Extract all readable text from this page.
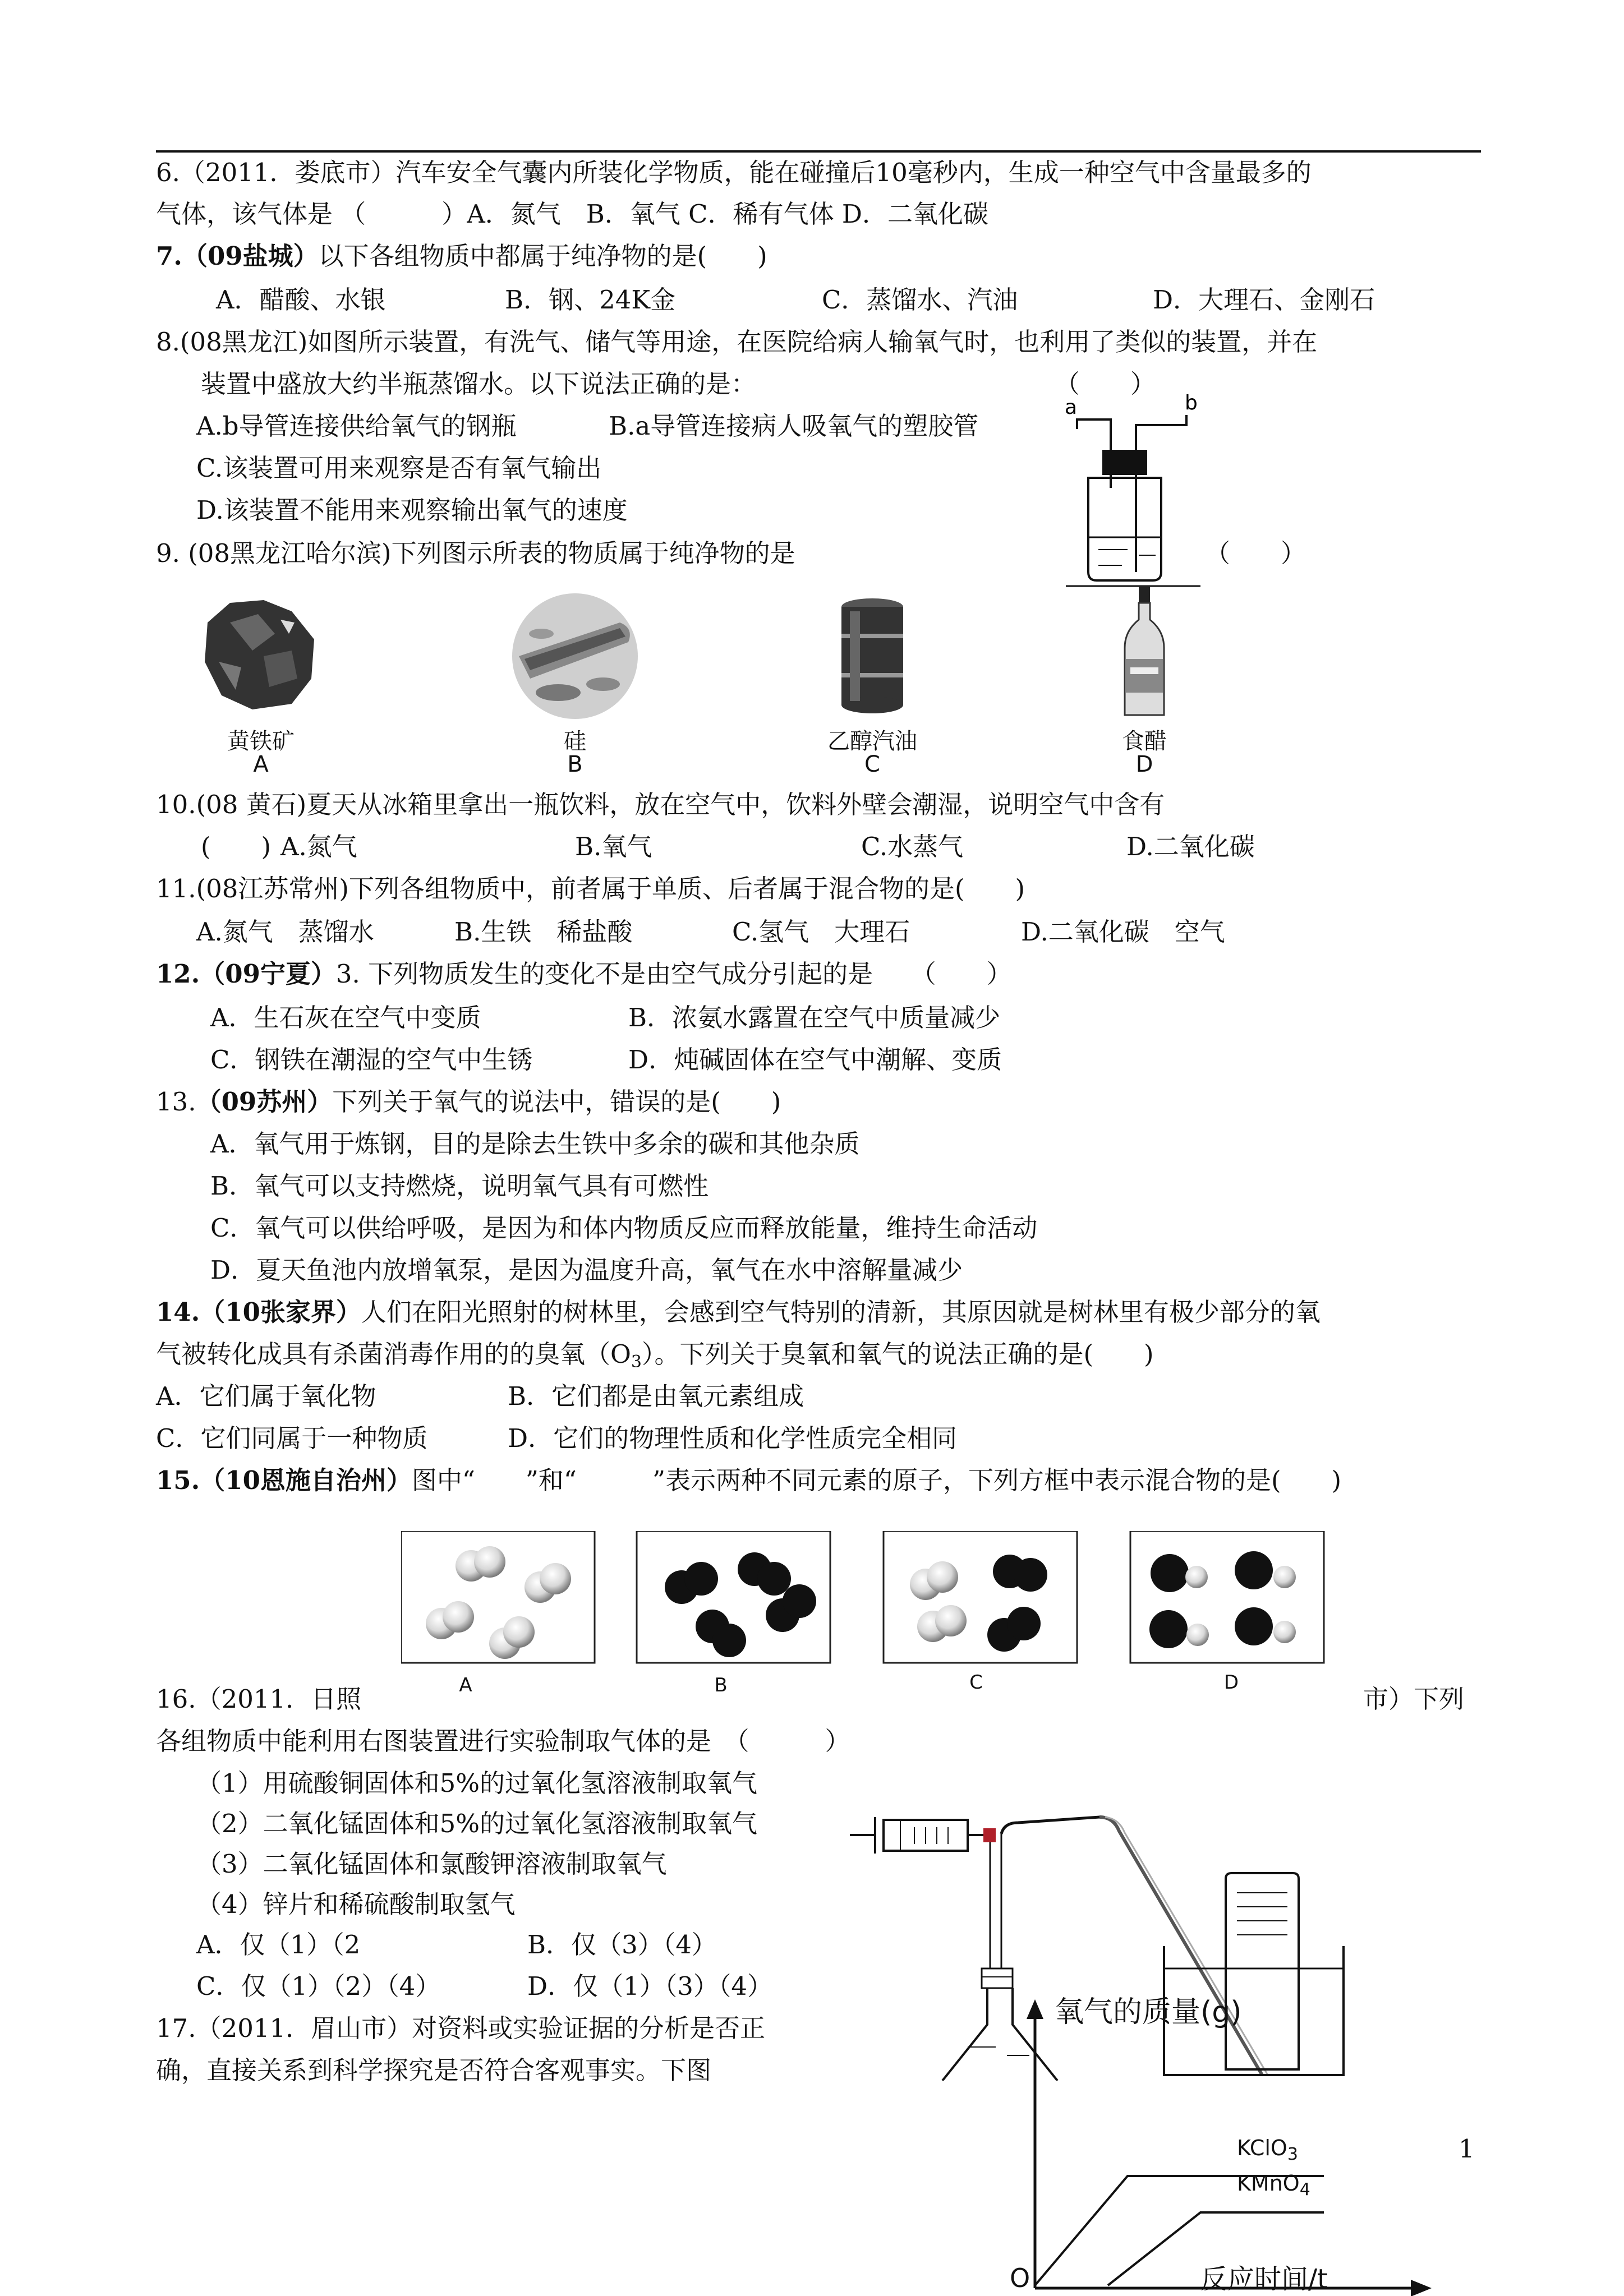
6.（2011．娄底市）汽车安全气囊内所装化学物质，能在碰撞后10毫秒内，生成一种空气中含量最多的
气体，该气体是 （　　　）A．氮气　B．氧气 C．稀有气体 D．二氧化碳
7.（09盐城）以下各组物质中都属于纯净物的是(　　)
A．醋酸、水银	B．钢、24K金	C．蒸馏水、汽油	D．大理石、金刚石
8.(08黑龙江)如图所示装置，有洗气、储气等用途，在医院给病人输氧气时，也利用了类似的装置，并在
装置中盛放大约半瓶蒸馏水。以下说法正确的是：	（　　）
A.b导管连接供给氧气的钢瓶	B.a导管连接病人吸氧气的塑胶管
C.该装置可用来观察是否有氧气输出
D.该装置不能用来观察输出氧气的速度
a	b
9. (08黑龙江哈尔滨)下列图示所表的物质属于纯净物的是	（　　）
黄铁矿
A
硅
B
乙醇汽油
C
食醋
D
10.(08 黄石)夏天从冰箱里拿出一瓶饮料，放在空气中，饮料外壁会潮湿，说明空气中含有
(　　) A.氮气	B.氧气	C.水蒸气	D.二氧化碳
11.(08江苏常州)下列各组物质中，前者属于单质、后者属于混合物的是(　　)
A.氮气　蒸馏水	B.生铁　稀盐酸	C.氢气　大理石	D.二氧化碳　空气
12.（09宁夏）3. 下列物质发生的变化不是由空气成分引起的是　　（　　）
A．生石灰在空气中变质	B．浓氨水露置在空气中质量减少
C．钢铁在潮湿的空气中生锈	D．炖碱固体在空气中潮解、变质
13.（09苏州）下列关于氧气的说法中，错误的是(　　)
A．氧气用于炼钢，目的是除去生铁中多余的碳和其他杂质
B．氧气可以支持燃烧，说明氧气具有可燃性
C．氧气可以供给呼吸，是因为和体内物质反应而释放能量，维持生命活动
D．夏天鱼池内放增氧泵，是因为温度升高，氧气在水中溶解量减少
14.（10张家界）人们在阳光照射的树林里，会感到空气特别的清新，其原因就是树林里有极少部分的氧
气被转化成具有杀菌消毒作用的的臭氧$(O_3)$。下列关于臭氧和氧气的说法正确的是(　　)
A．它们属于氧化物	B．它们都是由氧元素组成
C．它们同属于一种物质	D．它们的物理性质和化学性质完全相同
15.（10恩施自治州）图中“　　”和“　　　”表示两种不同元素的原子，下列方框中表示混合物的是(　　)
A	B	C	D
16.（2011．日照	市）下列
各组物质中能利用右图装置进行实验制取气体的是　（　　　）
（1）用硫酸铜固体和5%的过氧化氢溶液制取氧气
（2）二氧化锰固体和5%的过氧化氢溶液制取氧气
（3）二氧化锰固体和氯酸钾溶液制取氧气
（4）锌片和稀硫酸制取氢气
A．仅（1）（2	B．仅（3）（4）
C．仅（1）（2）（4）	D．仅（1）（3）（4）
17.（2011．眉山市）对资料或实验证据的分析是否正
确，直接关系到科学探究是否符合客观事实。下图
氧气的质量(g)
KClO$_3$
KMnO$_4$
O	反应时间/t
1
